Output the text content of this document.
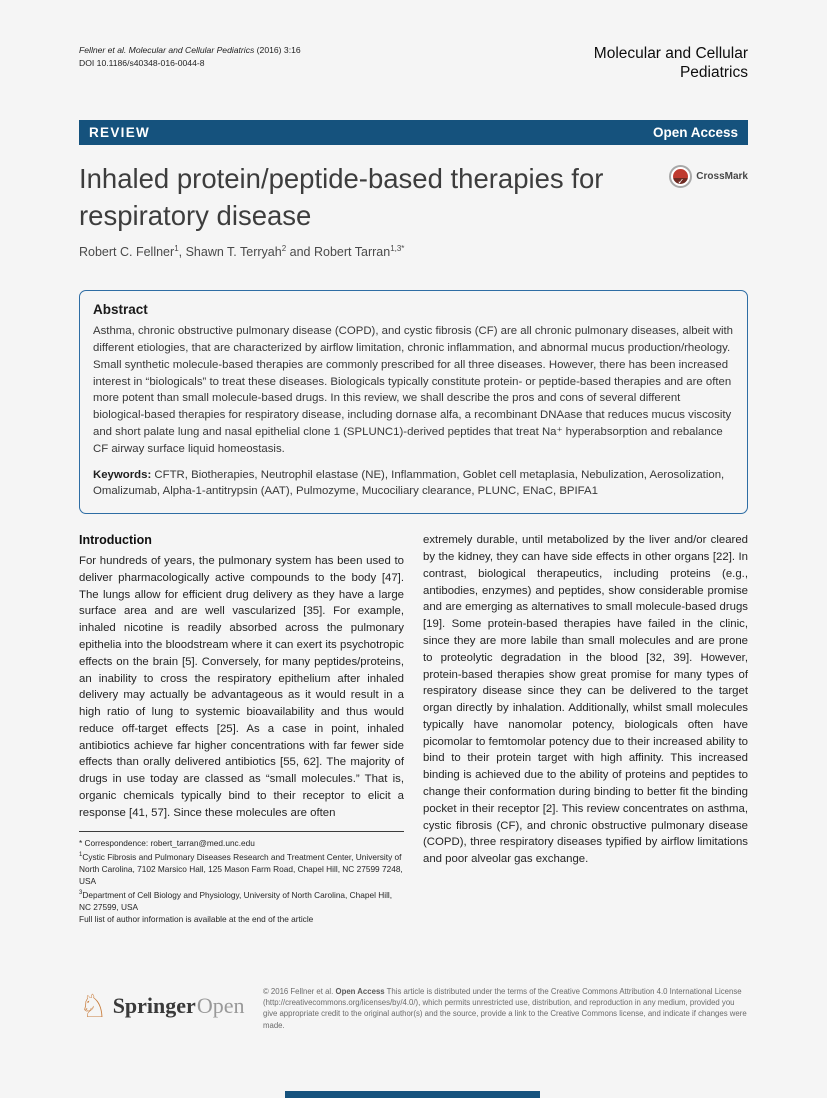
Fellner et al. Molecular and Cellular Pediatrics (2016) 3:16
DOI 10.1186/s40348-016-0044-8
Molecular and Cellular
Pediatrics
REVIEW	Open Access
Inhaled protein/peptide-based therapies for
respiratory disease
✓	CrossMark
Robert C. Fellner$^1$, Shawn T. Terryah$^2$ and Robert Tarran$^{1,3*}$
Abstract
Asthma, chronic obstructive pulmonary disease (COPD), and cystic fibrosis (CF) are all chronic pulmonary diseases, albeit with different etiologies, that are characterized by airflow limitation, chronic inflammation, and abnormal mucus production/rheology. Small synthetic molecule-based therapies are commonly prescribed for all three diseases. However, there has been increased interest in “biologicals” to treat these diseases. Biologicals typically constitute protein- or peptide-based therapies and are often more potent than small molecule-based drugs. In this review, we shall describe the pros and cons of several different biological-based therapies for respiratory disease, including dornase alfa, a recombinant DNAase that reduces mucus viscosity and short palate lung and nasal epithelial clone 1 (SPLUNC1)-derived peptides that treat Na⁺ hyperabsorption and rebalance CF airway surface liquid homeostasis.
Keywords: CFTR, Biotherapies, Neutrophil elastase (NE), Inflammation, Goblet cell metaplasia, Nebulization, Aerosolization, Omalizumab, Alpha-1-antitrypsin (AAT), Pulmozyme, Mucociliary clearance, PLUNC, ENaC, BPIFA1
Introduction
For hundreds of years, the pulmonary system has been used to deliver pharmacologically active compounds to the body [47]. The lungs allow for efficient drug delivery as they have a large surface area and are well vascularized [35]. For example, inhaled nicotine is readily absorbed across the pulmonary epithelia into the bloodstream where it can exert its psychotropic effects on the brain [5]. Conversely, for many peptides/proteins, an inability to cross the respiratory epithelium after inhaled delivery may actually be advantageous as it would result in a high ratio of lung to systemic bioavailability and thus would reduce off-target effects [25]. As a case in point, inhaled antibiotics achieve far higher concentrations with far fewer side effects than orally delivered antibiotics [55, 62]. The majority of drugs in use today are classed as “small molecules.” That is, organic chemicals typically bind to their receptor to elicit a response [41, 57]. Since these molecules are often
* Correspondence: robert_tarran@med.unc.edu
$^1$Cystic Fibrosis and Pulmonary Diseases Research and Treatment Center, University of North Carolina, 7102 Marsico Hall, 125 Mason Farm Road, Chapel Hill, NC 27599 7248, USA
$^3$Department of Cell Biology and Physiology, University of North Carolina, Chapel Hill, NC 27599, USA
Full list of author information is available at the end of the article
extremely durable, until metabolized by the liver and/or cleared by the kidney, they can have side effects in other organs [22]. In contrast, biological therapeutics, including proteins (e.g., antibodies, enzymes) and peptides, show considerable promise and are emerging as alternatives to small molecule-based drugs [19]. Some protein-based therapies have failed in the clinic, since they are more labile than small molecules and are prone to proteolytic degradation in the blood [32, 39]. However, protein-based therapies show great promise for many types of respiratory disease since they can be delivered to the target organ directly by inhalation. Additionally, whilst small molecules typically have nanomolar potency, biologicals often have picomolar to femtomolar potency due to their increased ability to bind to their protein target with high affinity. This increased binding is achieved due to the ability of proteins and peptides to change their conformation during binding to better fit the binding pocket in their receptor [2]. This review concentrates on asthma, cystic fibrosis (CF), and chronic obstructive pulmonary disease (COPD), three respiratory diseases typified by airflow limitations and poor alveolar gas exchange.
♘ SpringerOpen
© 2016 Fellner et al. Open Access This article is distributed under the terms of the Creative Commons Attribution 4.0 International License (http://creativecommons.org/licenses/by/4.0/), which permits unrestricted use, distribution, and reproduction in any medium, provided you give appropriate credit to the original author(s) and the source, provide a link to the Creative Commons license, and indicate if changes were made.
